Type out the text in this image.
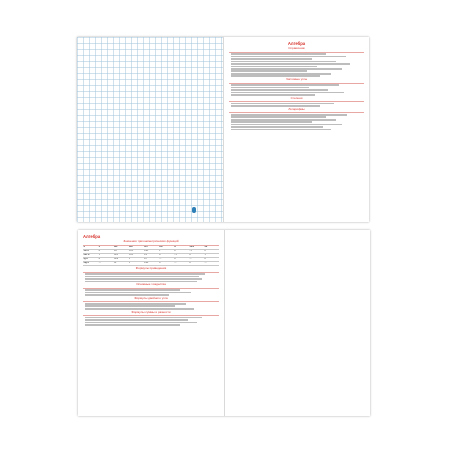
Алгебра
Справочник
Числовые углы
Степени
Логарифмы
Алгебра
Значения тригонометрических функций
α	0	π/6	π/4	π/3	π/2	π	3π/2	2π
sin α	0	1/2	√2/2	√3/2	1	0	−1	0
cos α	1	√3/2	√2/2	1/2	0	−1	0	1
tg α	0	√3/3	1	√3	—	0	—	0
ctg α	—	√3	1	√3/3	0	—	0	—
Формулы приведения
Основные тождества
Формулы двойного угла
Формулы суммы и разности
